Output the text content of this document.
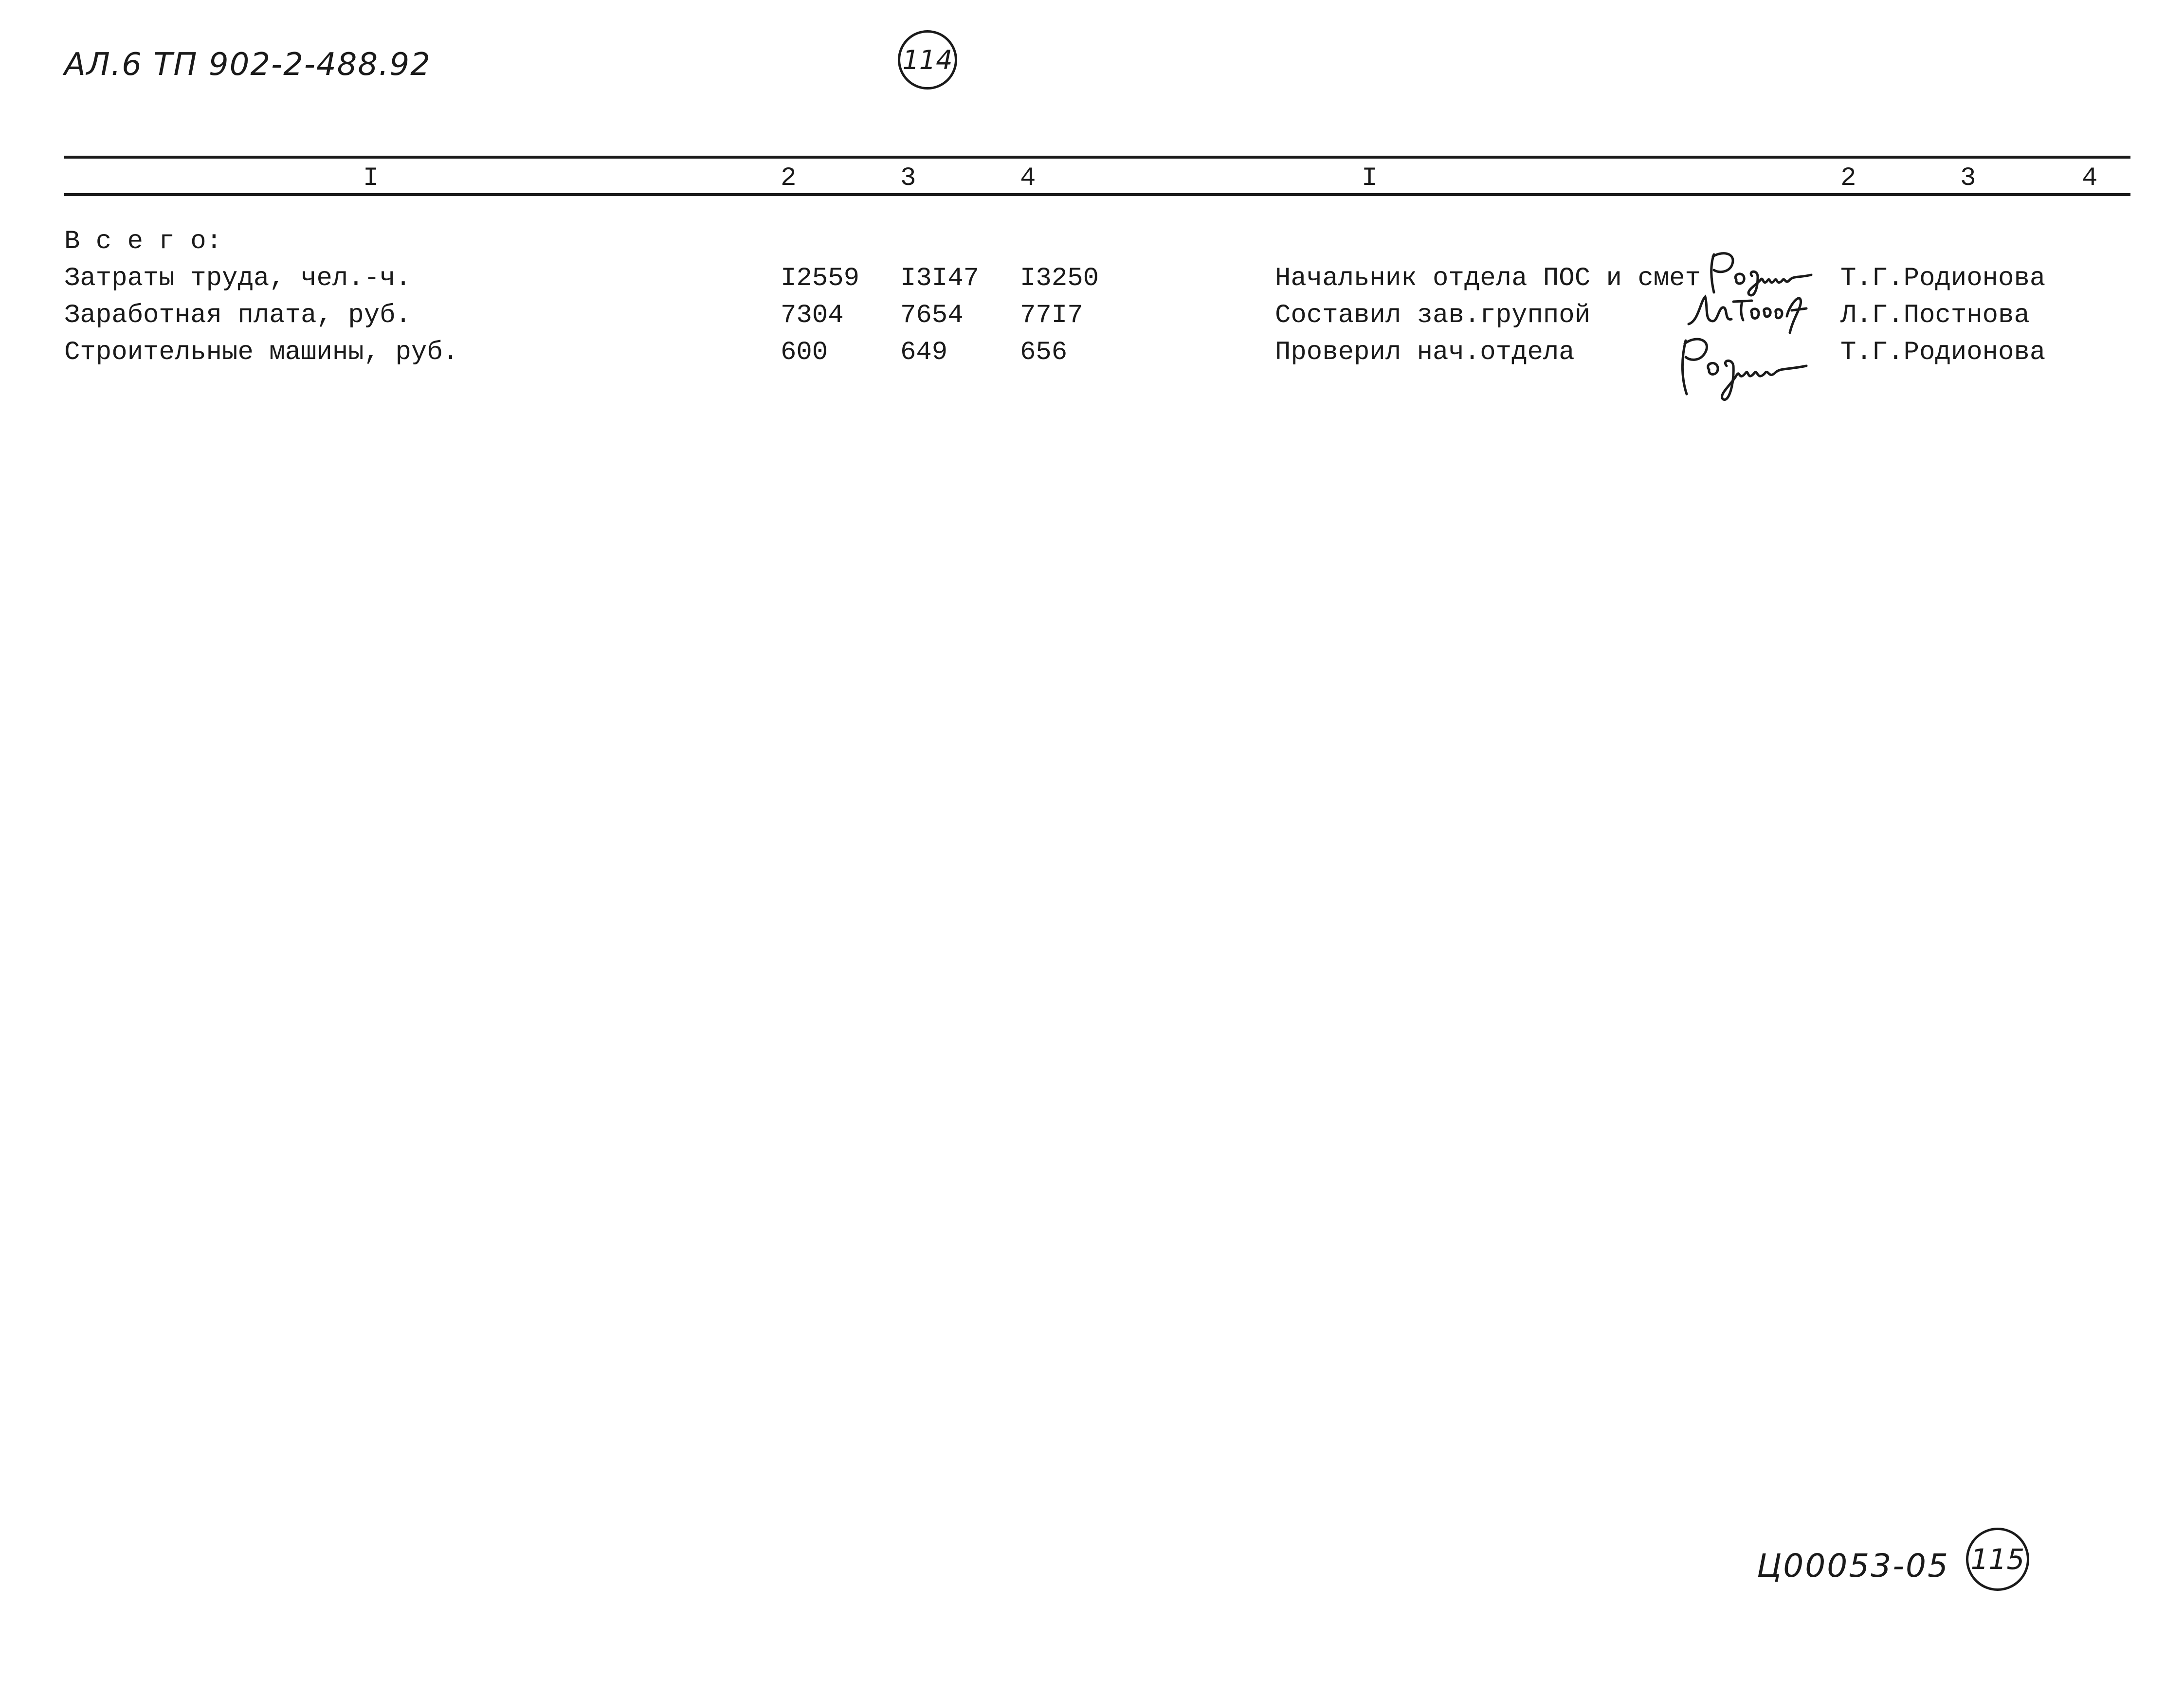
АЛ.6 ТП 902-2-488.92	114
I	2	3	4	I	2	3	4
В с е г о:
Затраты труда, чел.-ч.	I2559 I3I47 I3250
Заработная плата, руб.	7304 7654 77I7
Строительные машины, руб.	600	649	656
Начальник отдела ПОС и смет	Т.Г.Родионова
Составил зав.группой	Л.Г.Постнова
Проверил нач.отдела	Т.Г.Родионова
Ц00053-05 115
